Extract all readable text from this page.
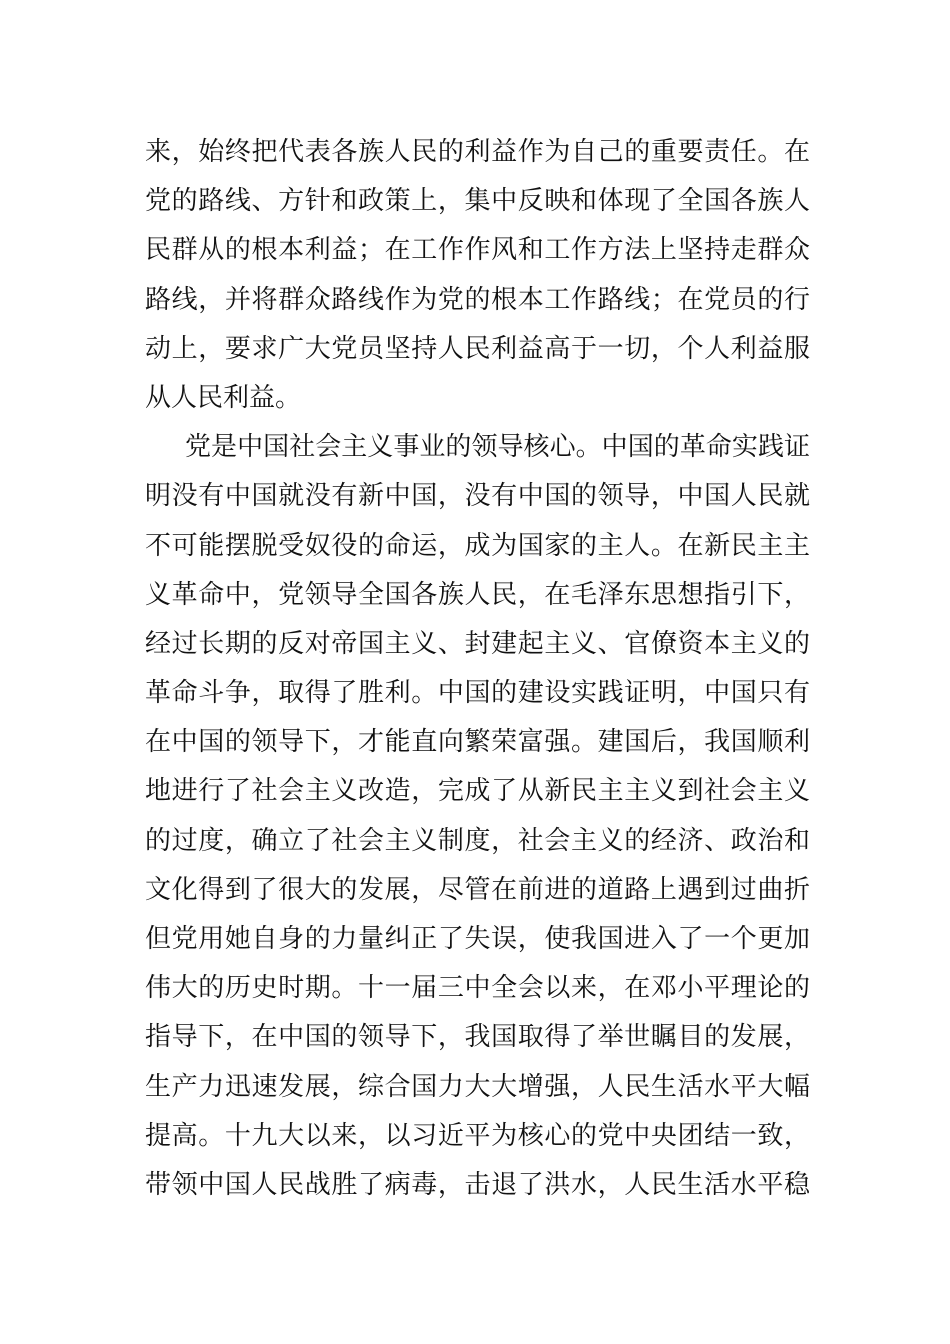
来，始终把代表各族人民的利益作为自己的重要责任。在
党的路线、方针和政策上，集中反映和体现了全国各族人
民群从的根本利益；在工作作风和工作方法上坚持走群众
路线，并将群众路线作为党的根本工作路线；在党员的行
动上，要求广大党员坚持人民利益高于一切，个人利益服
从人民利益。
党是中国社会主义事业的领导核心。中国的革命实践证
明没有中国就没有新中国，没有中国的领导，中国人民就
不可能摆脱受奴役的命运，成为国家的主人。在新民主主
义革命中，党领导全国各族人民，在毛泽东思想指引下，
经过长期的反对帝国主义、封建起主义、官僚资本主义的
革命斗争，取得了胜利。中国的建设实践证明，中国只有
在中国的领导下，才能直向繁荣富强。建国后，我国顺利
地进行了社会主义改造，完成了从新民主主义到社会主义
的过度，确立了社会主义制度，社会主义的经济、政治和
文化得到了很大的发展，尽管在前进的道路上遇到过曲折
但党用她自身的力量纠正了失误，使我国进入了一个更加
伟大的历史时期。十一届三中全会以来，在邓小平理论的
指导下，在中国的领导下，我国取得了举世瞩目的发展，
生产力迅速发展，综合国力大大增强，人民生活水平大幅
提高。十九大以来，以习近平为核心的党中央团结一致，
带领中国人民战胜了病毒，击退了洪水，人民生活水平稳
